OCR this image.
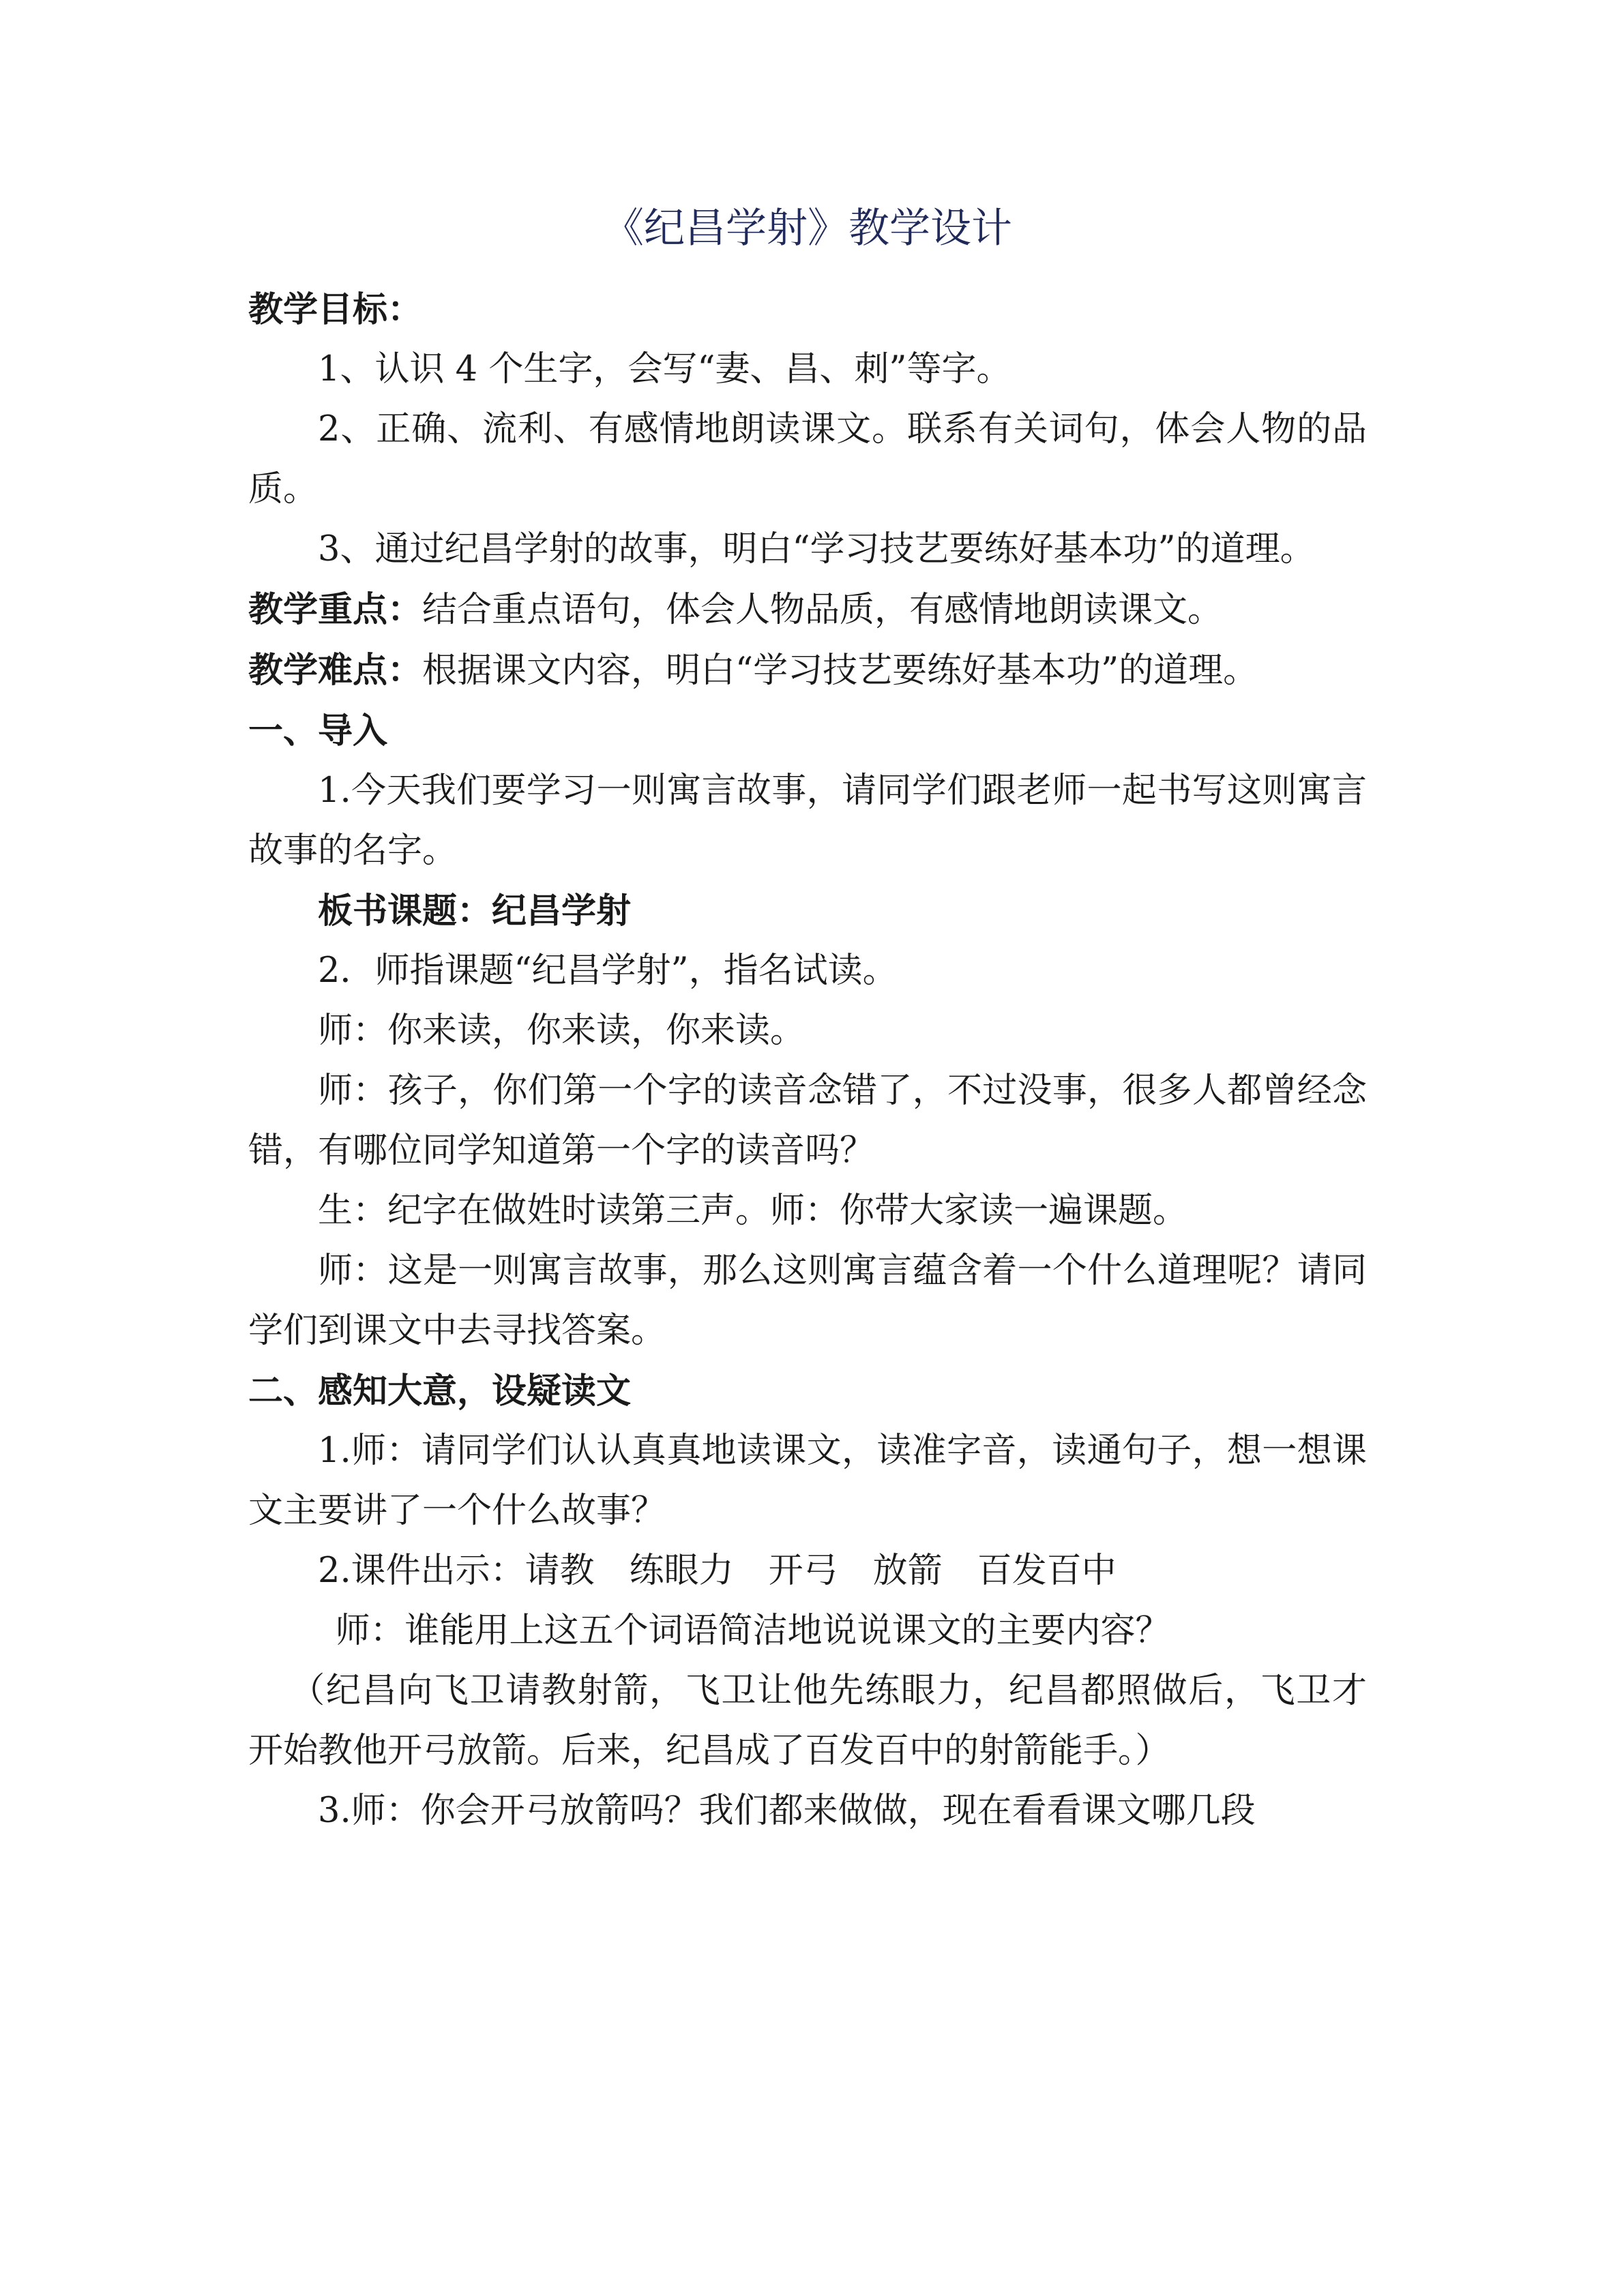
《纪昌学射》教学设计

教学目标：

1、认识 4 个生字，会写“妻、昌、刺”等字。

2、正确、流利、有感情地朗读课文。联系有关词句，体会人物的品质。

3、通过纪昌学射的故事，明白“学习技艺要练好基本功”的道理。

教学重点：结合重点语句，体会人物品质，有感情地朗读课文。

教学难点：根据课文内容，明白“学习技艺要练好基本功”的道理。

一、导入

1.今天我们要学习一则寓言故事，请同学们跟老师一起书写这则寓言故事的名字。

板书课题：纪昌学射

2．师指课题“纪昌学射”，指名试读。

师：你来读，你来读，你来读。

师：孩子，你们第一个字的读音念错了，不过没事，很多人都曾经念错，有哪位同学知道第一个字的读音吗？

生：纪字在做姓时读第三声。师：你带大家读一遍课题。

师：这是一则寓言故事，那么这则寓言蕴含着一个什么道理呢？请同学们到课文中去寻找答案。

二、感知大意，设疑读文

1.师：请同学们认认真真地读课文，读准字音，读通句子，想一想课文主要讲了一个什么故事？

2.课件出示：请教　练眼力　开弓　放箭　百发百中

师：谁能用上这五个词语简洁地说说课文的主要内容？

（纪昌向飞卫请教射箭，飞卫让他先练眼力，纪昌都照做后，飞卫才开始教他开弓放箭。后来，纪昌成了百发百中的射箭能手。）

3.师：你会开弓放箭吗？我们都来做做，现在看看课文哪几段
